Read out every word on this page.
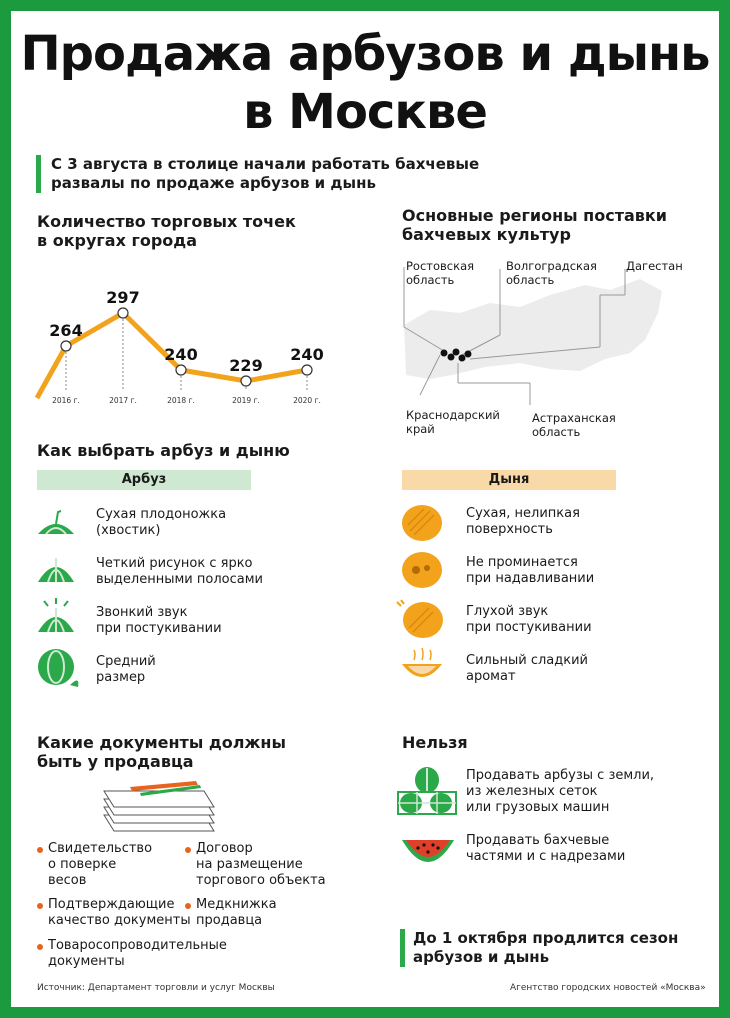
Продажа арбузов и дынь
в Москве
С 3 августа в столице начали работать бахчевые развалы по продаже арбузов и дынь
Количество торговых точек
в округах города
264
2016 г.
297
2017 г.
240
2018 г.
229
2019 г.
240
2020 г.
Основные регионы поставки
бахчевых культур
Ростовская
область
Волгоградская
область
Дагестан
Краснодарский
край
Астраханская
область
Как выбрать арбуз и дыню
Арбуз	Дыня
Сухая плодоножка
(хвостик)
Четкий рисунок с ярко
выделенными полосами
Звонкий звук
при постукивании
Средний
размер
Сухая, нелипкая
поверхность
Не проминается
при надавливании
Глухой звук
при постукивании
Сильный сладкий
аромат
Какие документы должны
быть у продавца
Свидетельство
о поверке
весов
Договор
на размещение
торгового объекта
Подтверждающие
качество документы
Медкнижка
продавца
Товаросопроводительные
документы
Нельзя
Продавать арбузы с земли,
из железных сеток
или грузовых машин
Продавать бахчевые
частями и с надрезами
До 1 октября продлится сезон
арбузов и дынь
Источник: Департамент торговли и услуг Москвы	Агентство городских новостей «Москва»
